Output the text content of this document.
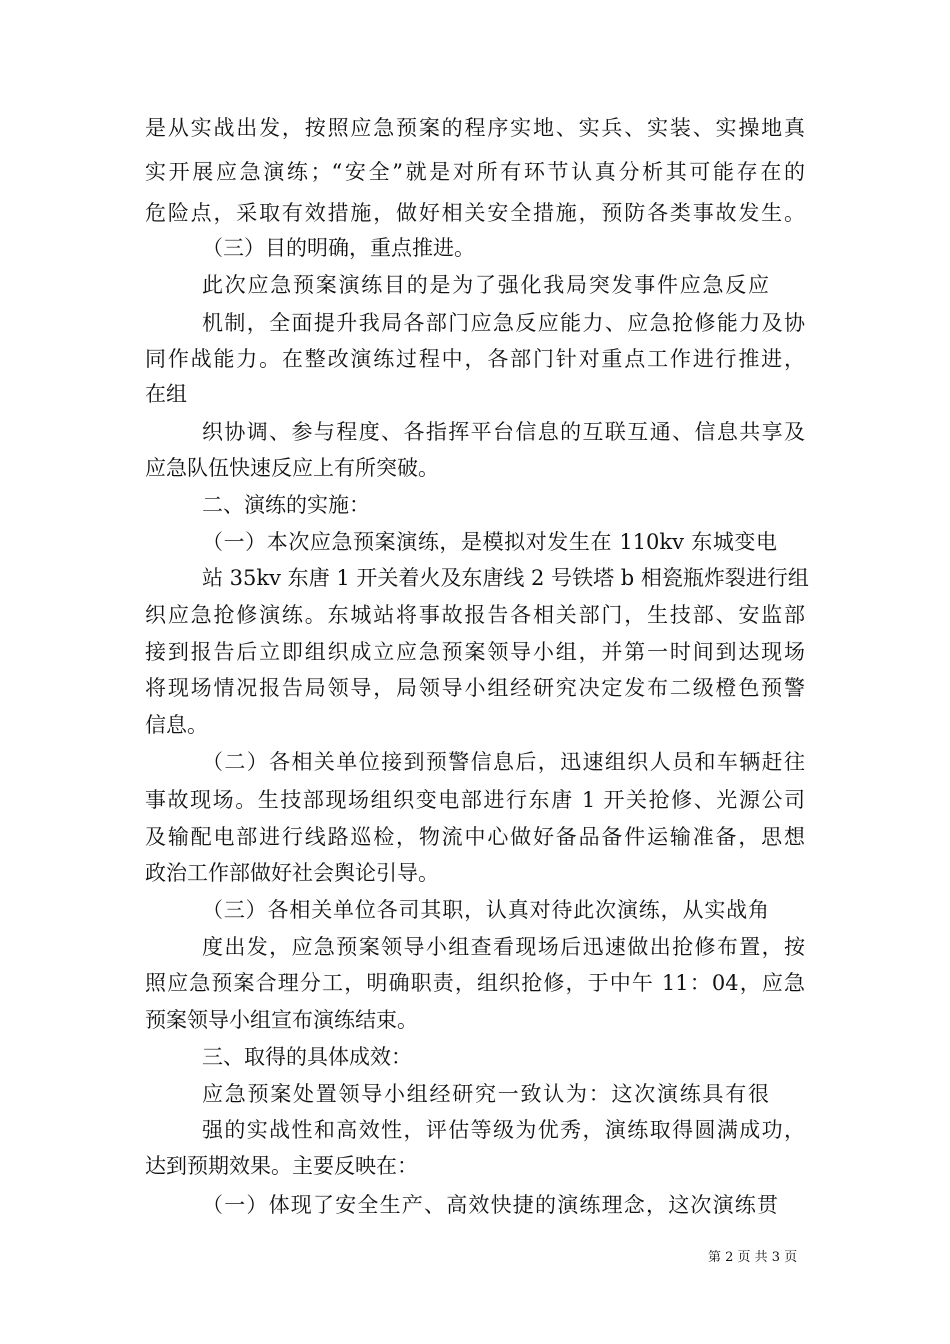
是从实战出发，按照应急预案的程序实地、实兵、实装、实操地真
实开展应急演练；“安全”就是对所有环节认真分析其可能存在的
危险点，采取有效措施，做好相关安全措施，预防各类事故发生。
（三）目的明确，重点推进。
此次应急预案演练目的是为了强化我局突发事件应急反应
机制，全面提升我局各部门应急反应能力、应急抢修能力及协
同作战能力。在整改演练过程中，各部门针对重点工作进行推进，
在组
织协调、参与程度、各指挥平台信息的互联互通、信息共享及
应急队伍快速反应上有所突破。
二、演练的实施：
（一）本次应急预案演练，是模拟对发生在 110kv 东城变电
站 35kv 东唐 1 开关着火及东唐线 2 号铁塔 b 相瓷瓶炸裂进行组
织应急抢修演练。东城站将事故报告各相关部门，生技部、安监部
接到报告后立即组织成立应急预案领导小组，并第一时间到达现场
将现场情况报告局领导，局领导小组经研究决定发布二级橙色预警
信息。
（二）各相关单位接到预警信息后，迅速组织人员和车辆赶往
事故现场。生技部现场组织变电部进行东唐 1 开关抢修、光源公司
及输配电部进行线路巡检，物流中心做好备品备件运输准备，思想
政治工作部做好社会舆论引导。
（三）各相关单位各司其职，认真对待此次演练，从实战角
度出发，应急预案领导小组查看现场后迅速做出抢修布置，按
照应急预案合理分工，明确职责，组织抢修，于中午 11：04，应急
预案领导小组宣布演练结束。
三、取得的具体成效：
应急预案处置领导小组经研究一致认为：这次演练具有很
强的实战性和高效性，评估等级为优秀，演练取得圆满成功，
达到预期效果。主要反映在：
（一）体现了安全生产、高效快捷的演练理念，这次演练贯
第 2 页 共 3 页
